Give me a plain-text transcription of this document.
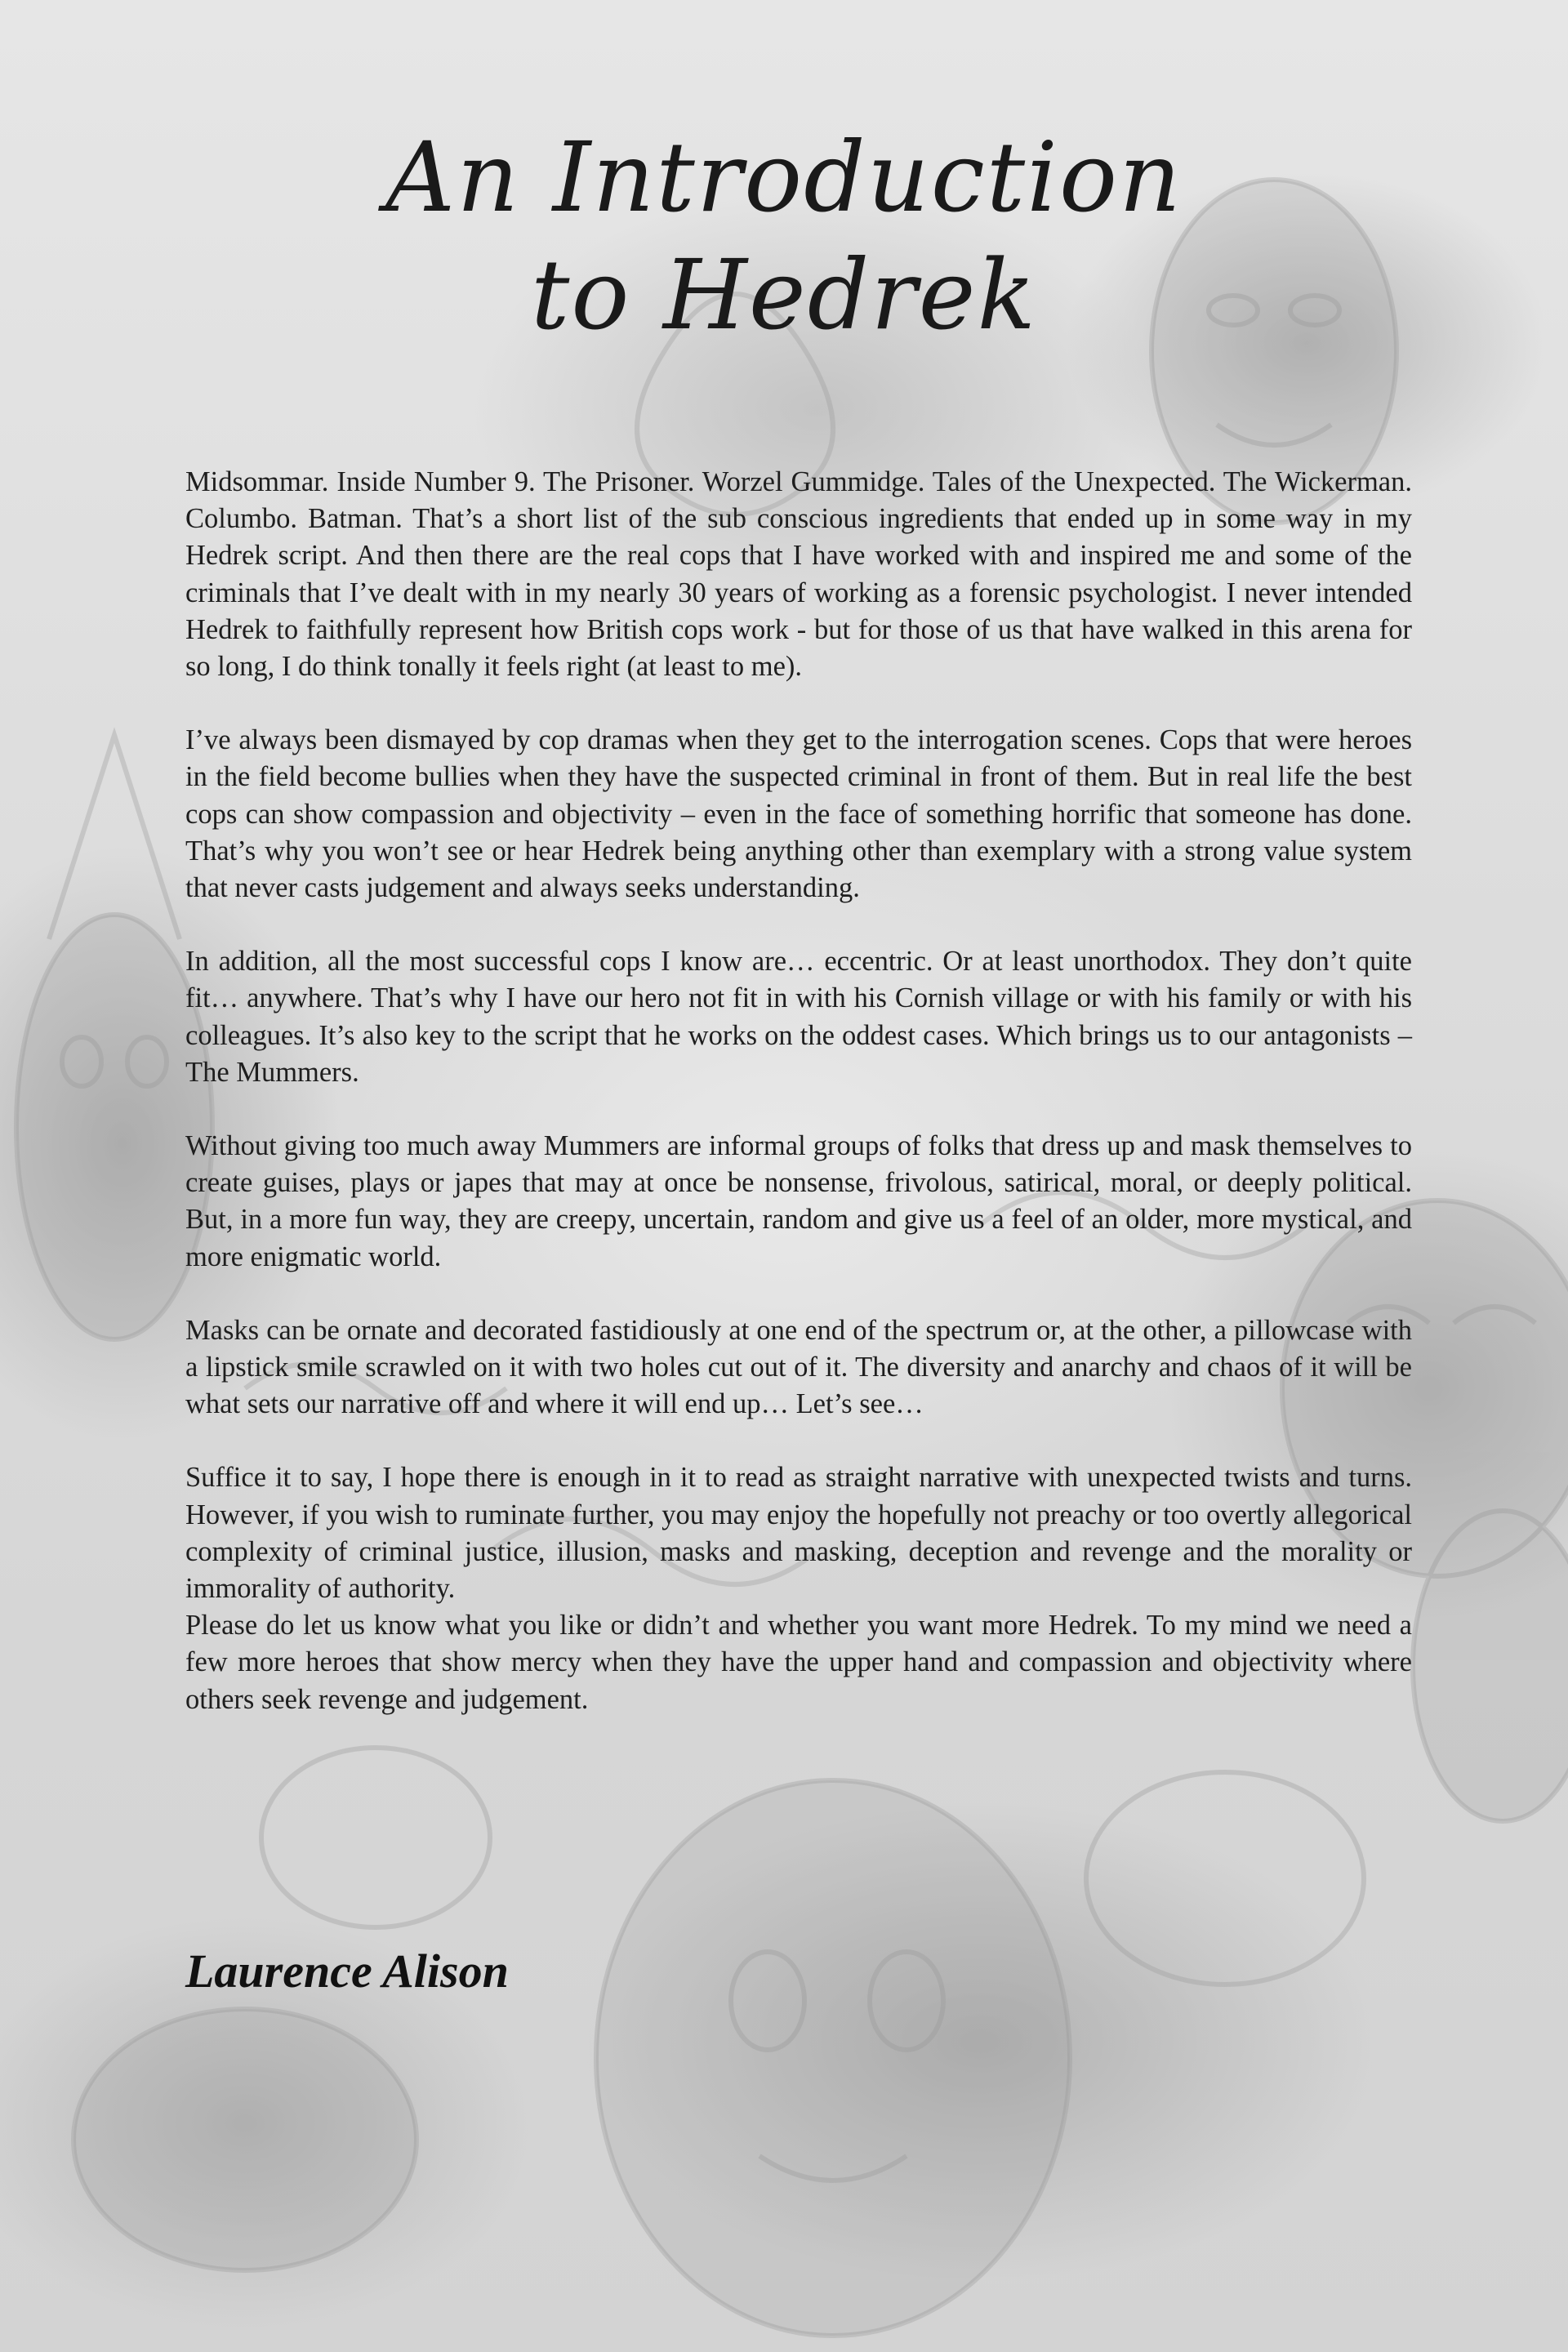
An Introduction
to Hedrek

Midsommar. Inside Number 9. The Prisoner. Worzel Gummidge. Tales of the Unexpected. The Wickerman. Columbo. Batman. That’s a short list of the sub conscious ingredients that ended up in some way in my Hedrek script. And then there are the real cops that I have worked with and inspired me and some of the criminals that I’ve dealt with in my nearly 30 years of working as a forensic psychologist. I never intended Hedrek to faithfully represent how British cops work - but for those of us that have walked in this arena for so long, I do think tonally it feels right (at least to me).

I’ve always been dismayed by cop dramas when they get to the interrogation scenes. Cops that were heroes in the field become bullies when they have the suspected criminal in front of them. But in real life the best cops can show compassion and objectivity – even in the face of something horrific that someone has done. That’s why you won’t see or hear Hedrek being anything other than exemplary with a strong value system that never casts judgement and always seeks understanding.

In addition, all the most successful cops I know are… eccentric. Or at least unorthodox. They don’t quite fit… anywhere. That’s why I have our hero not fit in with his Cornish village or with his family or with his colleagues. It’s also key to the script that he works on the oddest cases. Which brings us to our antagonists – The Mummers.

Without giving too much away Mummers are informal groups of folks that dress up and mask themselves to create guises, plays or japes that may at once be nonsense, frivolous, satirical, moral, or deeply political. But, in a more fun way, they are creepy, uncertain, random and give us a feel of an older, more mystical, and more enigmatic world.

Masks can be ornate and decorated fastidiously at one end of the spectrum or, at the other, a pillowcase with a lipstick smile scrawled on it with two holes cut out of it. The diversity and anarchy and chaos of it will be what sets our narrative off and where it will end up… Let’s see…

Suffice it to say, I hope there is enough in it to read as straight narrative with unexpected twists and turns. However, if you wish to ruminate further, you may enjoy the hopefully not preachy or too overtly allegorical complexity of criminal justice, illusion, masks and masking, deception and revenge and the morality or immorality of authority.

Please do let us know what you like or didn’t and whether you want more Hedrek. To my mind we need a few more heroes that show mercy when they have the upper hand and compassion and objectivity where others seek revenge and judgement.

Laurence Alison
